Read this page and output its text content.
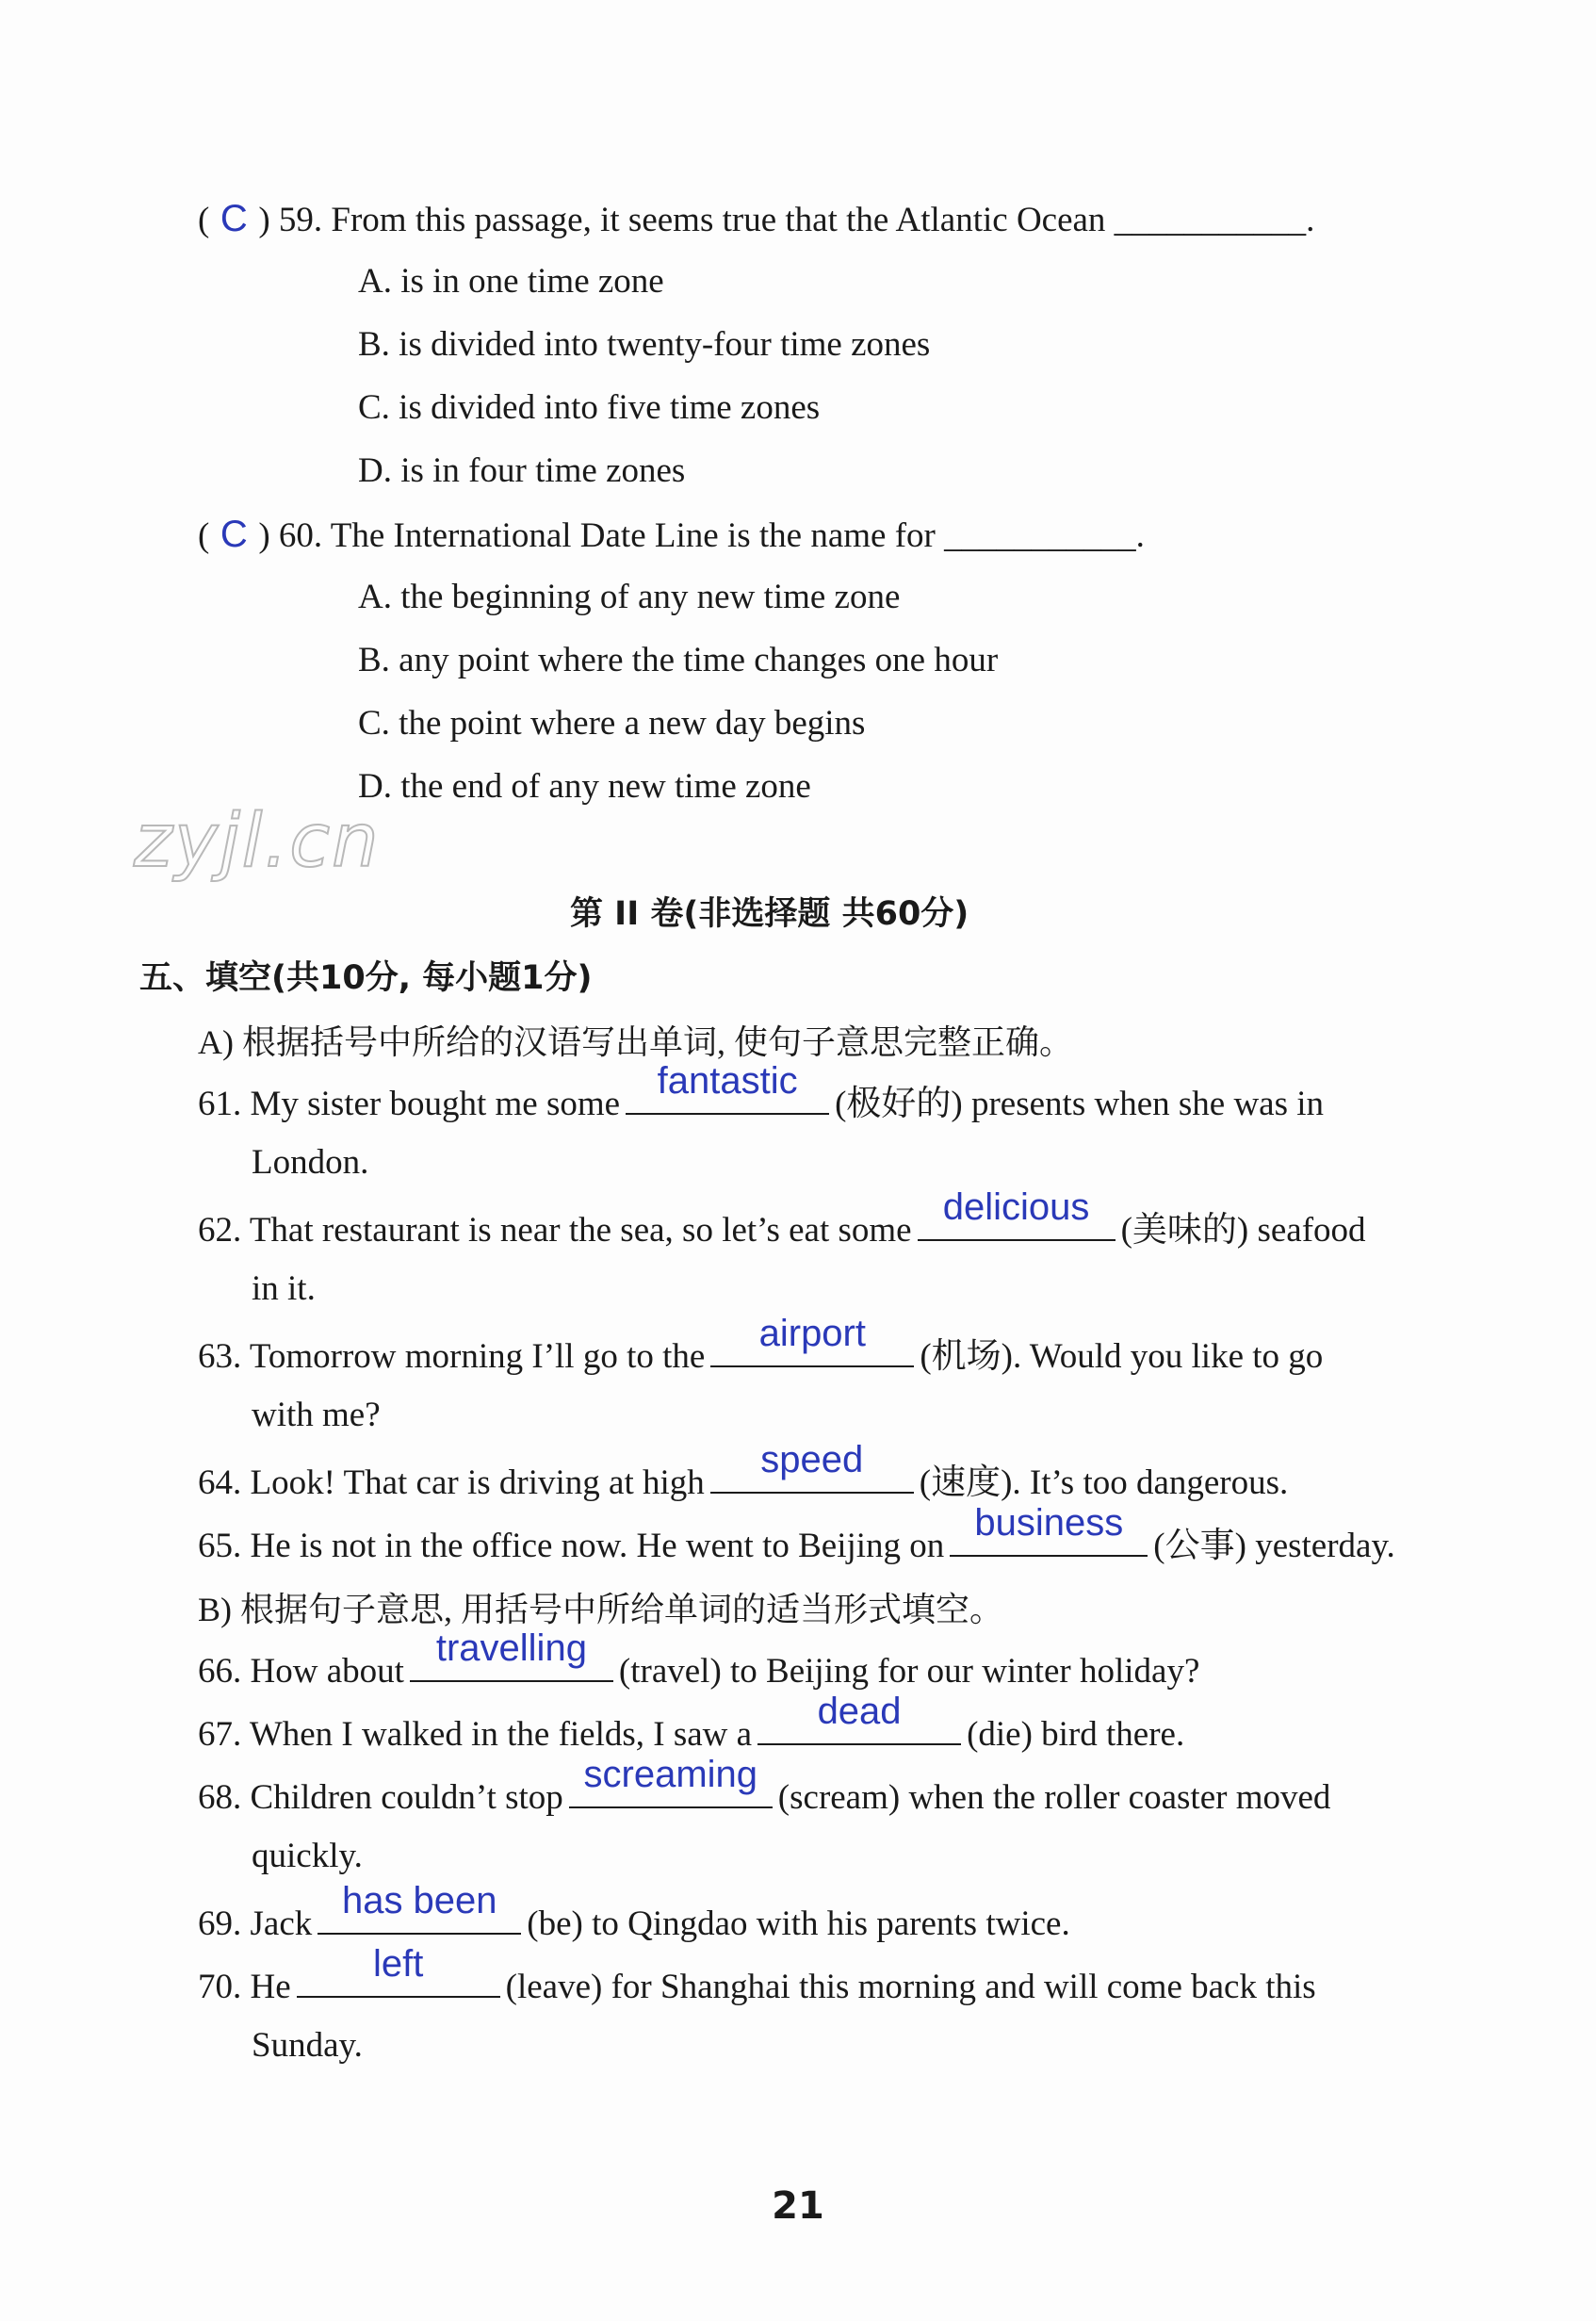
( C ) 59. From this passage, it seems true that the Atlantic Ocean ___________.
A. is in one time zone
B. is divided into twenty-four time zones
C. is divided into five time zones
D. is in four time zones
( C ) 60. The International Date Line is the name for ___________.
A. the beginning of any new time zone
B. any point where the time changes one hour
C. the point where a new day begins
D. the end of any new time zone
zyjl.cn
第 II 卷(非选择题 共60分)
五、填空(共10分, 每小题1分)
A) 根据括号中所给的汉语写出单词, 使句子意思完整正确。
61. My sister bought me some
fantastic
(极好的) presents when she was in
London.
62. That restaurant is near the sea, so let’s eat some
delicious
(美味的) seafood
in it.
63. Tomorrow morning I’ll go to the
airport
(机场). Would you like to go
with me?
64. Look! That car is driving at high
speed
(速度). It’s too dangerous.
65. He is not in the office now. He went to Beijing on
business
(公事) yesterday.
B) 根据句子意思, 用括号中所给单词的适当形式填空。
66. How about
travelling
(travel) to Beijing for our winter holiday?
67. When I walked in the fields, I saw a
dead
(die) bird there.
68. Children couldn’t stop
screaming
(scream) when the roller coaster moved
quickly.
69. Jack
has been
(be) to Qingdao with his parents twice.
70. He
left
(leave) for Shanghai this morning and will come back this
Sunday.
21
